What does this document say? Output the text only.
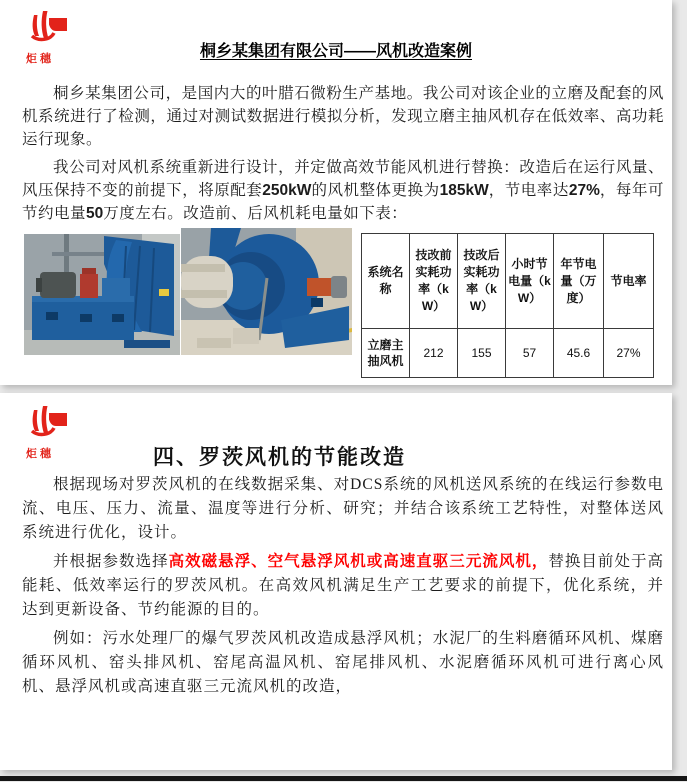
炬穗	桐乡某集团有限公司——风机改造案例

桐乡某集团公司，是国内大的叶腊石微粉生产基地。我公司对该企业的立磨及配套的风机系统进行了检测，通过对测试数据进行模拟分析，发现立磨主抽风机存在低效率、高功耗运行现象。

我公司对风机系统重新进行设计，并定做高效节能风机进行替换：改造后在运行风量、风压保持不变的前提下，将原配套250kW的风机整体更换为185kW，节电率达27%，每年可节约电量50万度左右。改造前、后风机耗电量如下表：

系统名称	技改前实耗功率（kW）	技改后实耗功率（kW）	小时节电量（kW）	年节电量（万度）	节电率
立磨主抽风机	212	155	57	45.6	27%
炬穗	四、罗茨风机的节能改造

根据现场对罗茨风机的在线数据采集、对DCS系统的风机送风系统的在线运行参数电流、电压、压力、流量、温度等进行分析、研究；并结合该系统工艺特性，对整体送风系统进行优化，设计。

并根据参数选择高效磁悬浮、空气悬浮风机或高速直驱三元流风机，替换目前处于高能耗、低效率运行的罗茨风机。在高效风机满足生产工艺要求的前提下，优化系统，并达到更新设备、节约能源的目的。

例如：污水处理厂的爆气罗茨风机改造成悬浮风机；水泥厂的生料磨循环风机、煤磨循环风机、窑头排风机、窑尾高温风机、窑尾排风机、水泥磨循环风机可进行离心风机、悬浮风机或高速直驱三元流风机的改造，
